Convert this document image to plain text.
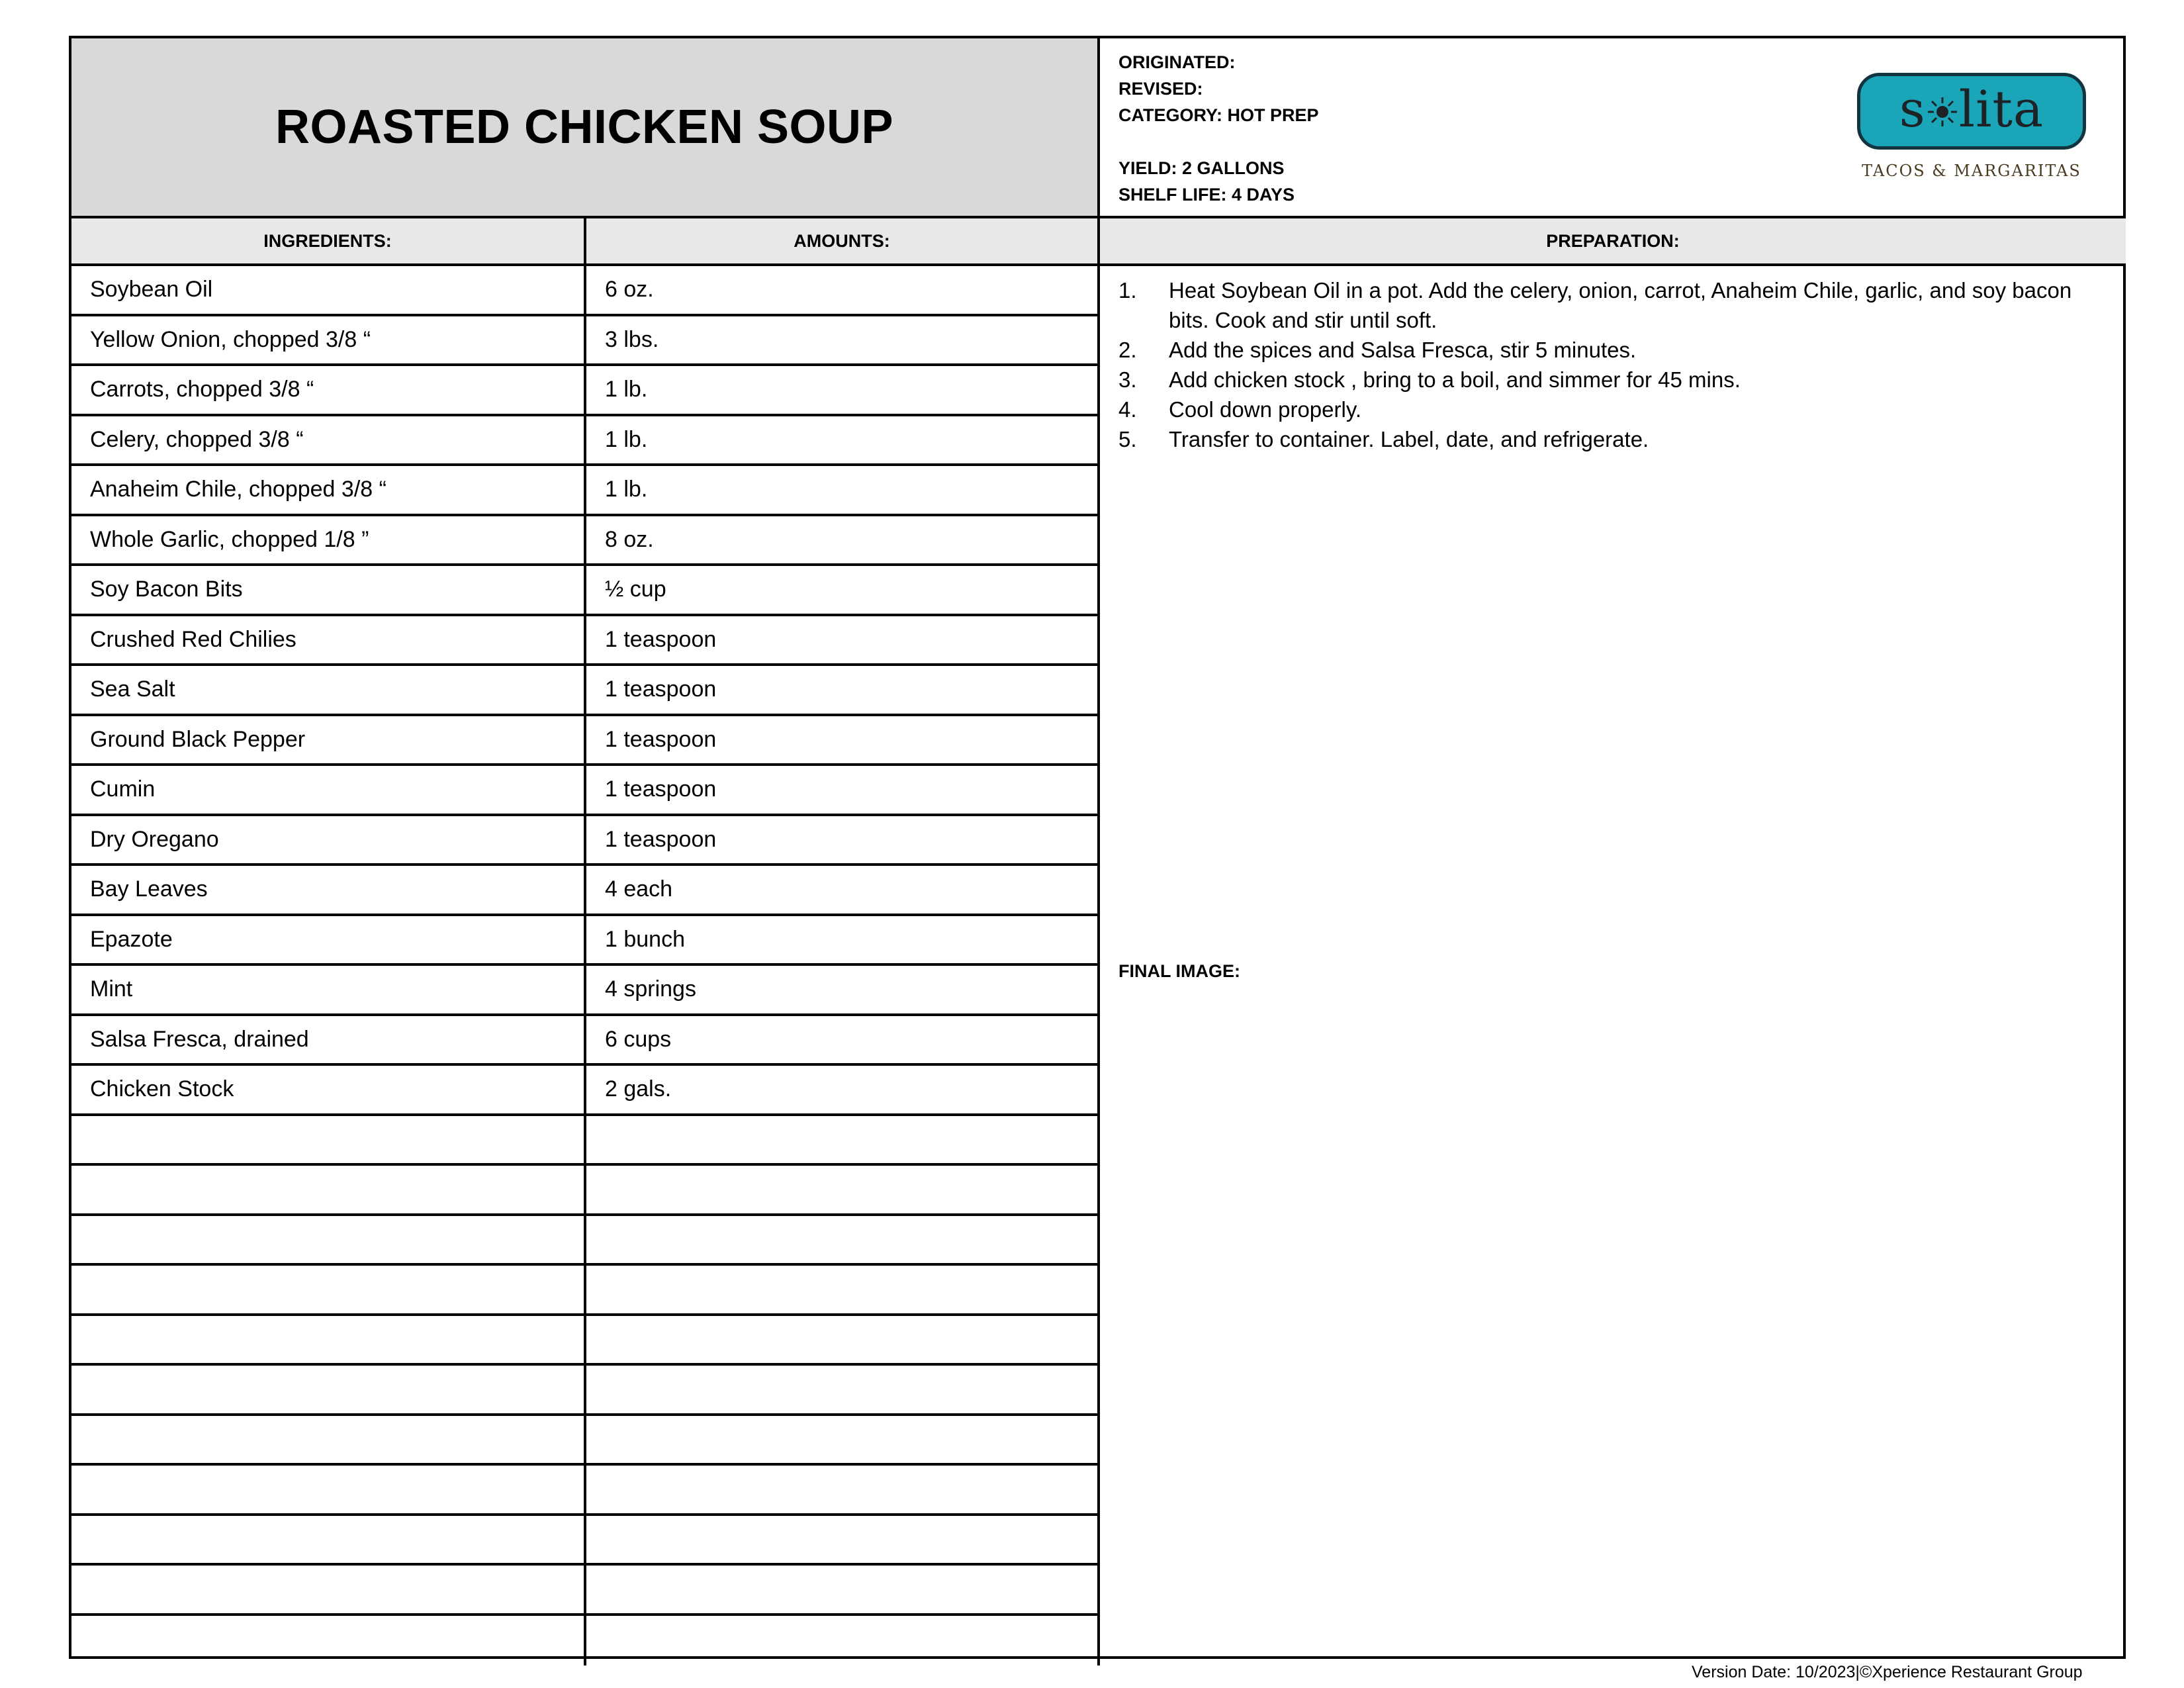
ROASTED CHICKEN SOUP
ORIGINATED:
REVISED:
CATEGORY: HOT PREP
YIELD: 2 GALLONS
SHELF LIFE: 4 DAYS
s lita
TACOS & MARGARITAS
INGREDIENTS:	AMOUNTS:	PREPARATION:
Soybean Oil	6 oz.
Yellow Onion, chopped 3/8 “	3 lbs.
Carrots, chopped 3/8 “	1 lb.
Celery, chopped 3/8 “	1 lb.
Anaheim Chile, chopped 3/8 “	1 lb.
Whole Garlic, chopped 1/8 ”	8 oz.
Soy Bacon Bits	½ cup
Crushed Red Chilies	1 teaspoon
Sea Salt	1 teaspoon
Ground Black Pepper	1 teaspoon
Cumin	1 teaspoon
Dry Oregano	1 teaspoon
Bay Leaves	4 each
Epazote	1 bunch
Mint	4 springs
Salsa Fresca, drained	6 cups
Chicken Stock	2 gals.
1.	Heat Soybean Oil in a pot. Add the celery, onion, carrot, Anaheim Chile, garlic, and soy bacon bits. Cook and stir until soft.
2.	Add the spices and Salsa Fresca, stir 5 minutes.
3.	Add chicken stock , bring to a boil, and simmer for 45 mins.
4.	Cool down properly.
5.	Transfer to container. Label, date, and refrigerate.
FINAL IMAGE:
Version Date: 10/2023|©Xperience Restaurant Group
